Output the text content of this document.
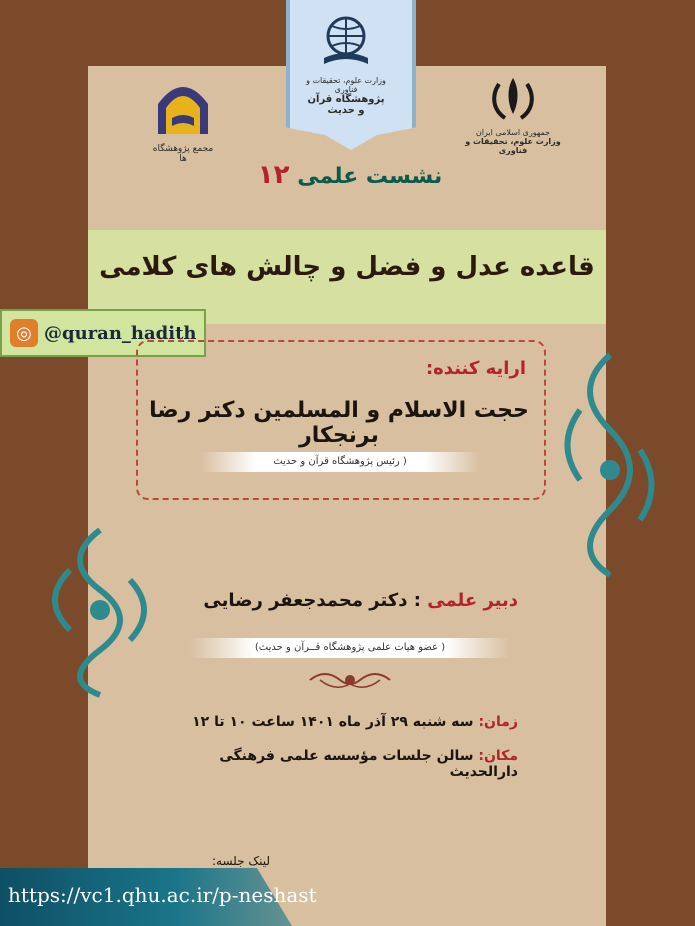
وزارت علوم، تحقیقات و فناوری
پژوهشگاه قرآن و حدیث
جمهوری اسلامی ایران
وزارت علوم، تحقیقات و فناوری
مجمع پژوهشگاه ها
نشست علمی ۱۲
قاعده عدل و فضل و چالش های کلامی
◎ @quran_hadith
ارایه کننده:
حجت الاسلام و المسلمین دکتر رضا برنجکار
( رئیس پژوهشگاه قرآن و حدیث
دبیر علمی : دکتر محمدجعفر رضایی
( عضو هیات علمی پژوهشگاه قــرآن و حدیث)
زمان: سه شنبه ۲۹ آذر ماه ۱۴۰۱ ساعت ۱۰ تا ۱۲
مکان: سالن جلسات مؤسسه علمی فرهنگی دارالحدیث
لینک جلسه:
https://vc1.qhu.ac.ir/p-neshast
